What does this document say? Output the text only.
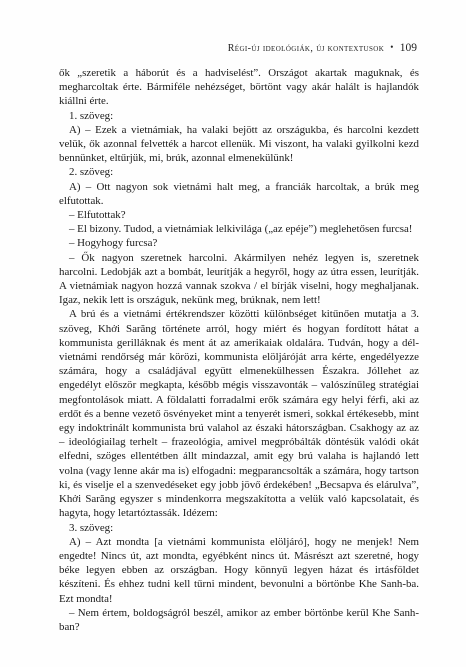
Régi-új ideológiák, új kontextusok • 109

ők „szeretik a háborút és a hadviselést”. Országot akartak maguknak, és megharcoltak érte. Bármiféle nehézséget, börtönt vagy akár halált is hajlandók kiállni érte.

1. szöveg:

A) – Ezek a vietnámiak, ha valaki bejött az országukba, és harcolni kezdett velük, ők azonnal felvették a harcot ellenük. Mi viszont, ha valaki gyilkolni kezd bennünket, eltűrjük, mi, brúk, azonnal elmenekülünk!

2. szöveg:

A) – Ott nagyon sok vietnámi halt meg, a franciák harcoltak, a brúk meg elfutottak.

– Elfutottak?

– El bizony. Tudod, a vietnámiak lelkivilága („az epéje”) meglehetősen furcsa!

– Hogyhogy furcsa?

– Ők nagyon szeretnek harcolni. Akármilyen nehéz legyen is, szeretnek harcolni. Ledobják azt a bombát, leurítják a hegyről, hogy az útra essen, leurítják. A vietnámiak nagyon hozzá vannak szokva / el bírják viselni, hogy meghaljanak. Igaz, nekik lett is országuk, nekünk meg, brúknak, nem lett!

A brú és a vietnámi értékrendszer közötti különbséget kitűnően mutatja a 3. szöveg, Khởi Sarăng története arról, hogy miért és hogyan fordított hátat a kommunista gerilláknak és ment át az amerikaiak oldalára. Tudván, hogy a dél-vietnámi rendőrség már körözi, kommunista elöljáróját arra kérte, engedélyezze számára, hogy a családjával együtt elmenekülhessen Északra. Jóllehet az engedélyt először megkapta, később mégis visszavonták – valószínűleg stratégiai megfontolások miatt. A földalatti forradalmi erők számára egy helyi férfi, aki az erdőt és a benne vezető ösvényeket mint a tenyerét ismeri, sokkal értékesebb, mint egy indoktrinált kommunista brú valahol az északi hátországban. Csakhogy az az – ideológiailag terhelt – frazeológia, amivel megpróbálták döntésük valódi okát elfedni, szöges ellentétben állt mindazzal, amit egy brú valaha is hajlandó lett volna (vagy lenne akár ma is) elfogadni: megparancsolták a számára, hogy tartson ki, és viselje el a szenvedéseket egy jobb jövő érdekében! „Becsapva és elárulva”, Khởi Sarăng egyszer s mindenkorra megszakította a velük való kapcsolatait, és hagyta, hogy letartóztassák. Idézem:

3. szöveg:

A) – Azt mondta [a vietnámi kommunista elöljáró], hogy ne menjek! Nem engedte! Nincs út, azt mondta, egyébként nincs út. Másrészt azt szeretné, hogy béke legyen ebben az országban. Hogy könnyű legyen házat és irtásföldet készíteni. És ehhez tudni kell tűrni mindent, bevonulni a börtönbe Khe Sanh-ba. Ezt mondta!

– Nem értem, boldogságról beszél, amikor az ember börtönbe kerül Khe Sanh-ban?
